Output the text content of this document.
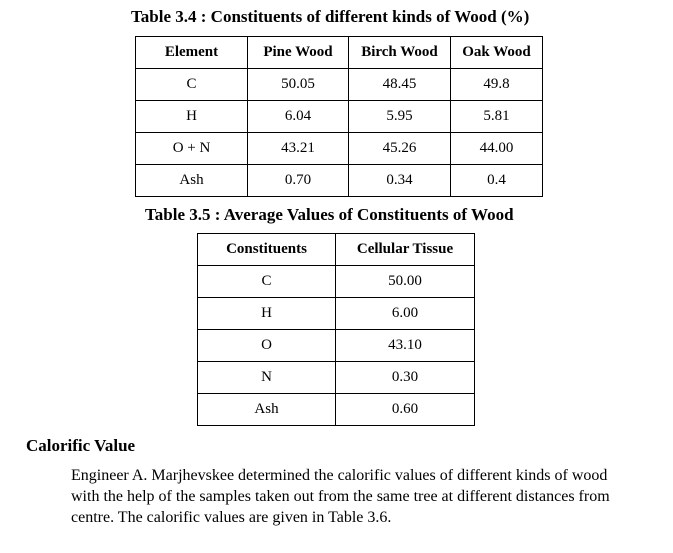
Table 3.4 : Constituents of different kinds of Wood (%)
Element	Pine Wood	Birch Wood	Oak Wood
C	50.05	48.45	49.8
H	6.04	5.95	5.81
O + N	43.21	45.26	44.00
Ash	0.70	0.34	0.4
Table 3.5 : Average Values of Constituents of Wood
Constituents	Cellular Tissue
C	50.00
H	6.00
O	43.10
N	0.30
Ash	0.60
Calorific Value

Engineer A. Marjhevskee determined the calorific values of different kinds of wood with the help of the samples taken out from the same tree at different distances from centre. The calorific values are given in Table 3.6.
